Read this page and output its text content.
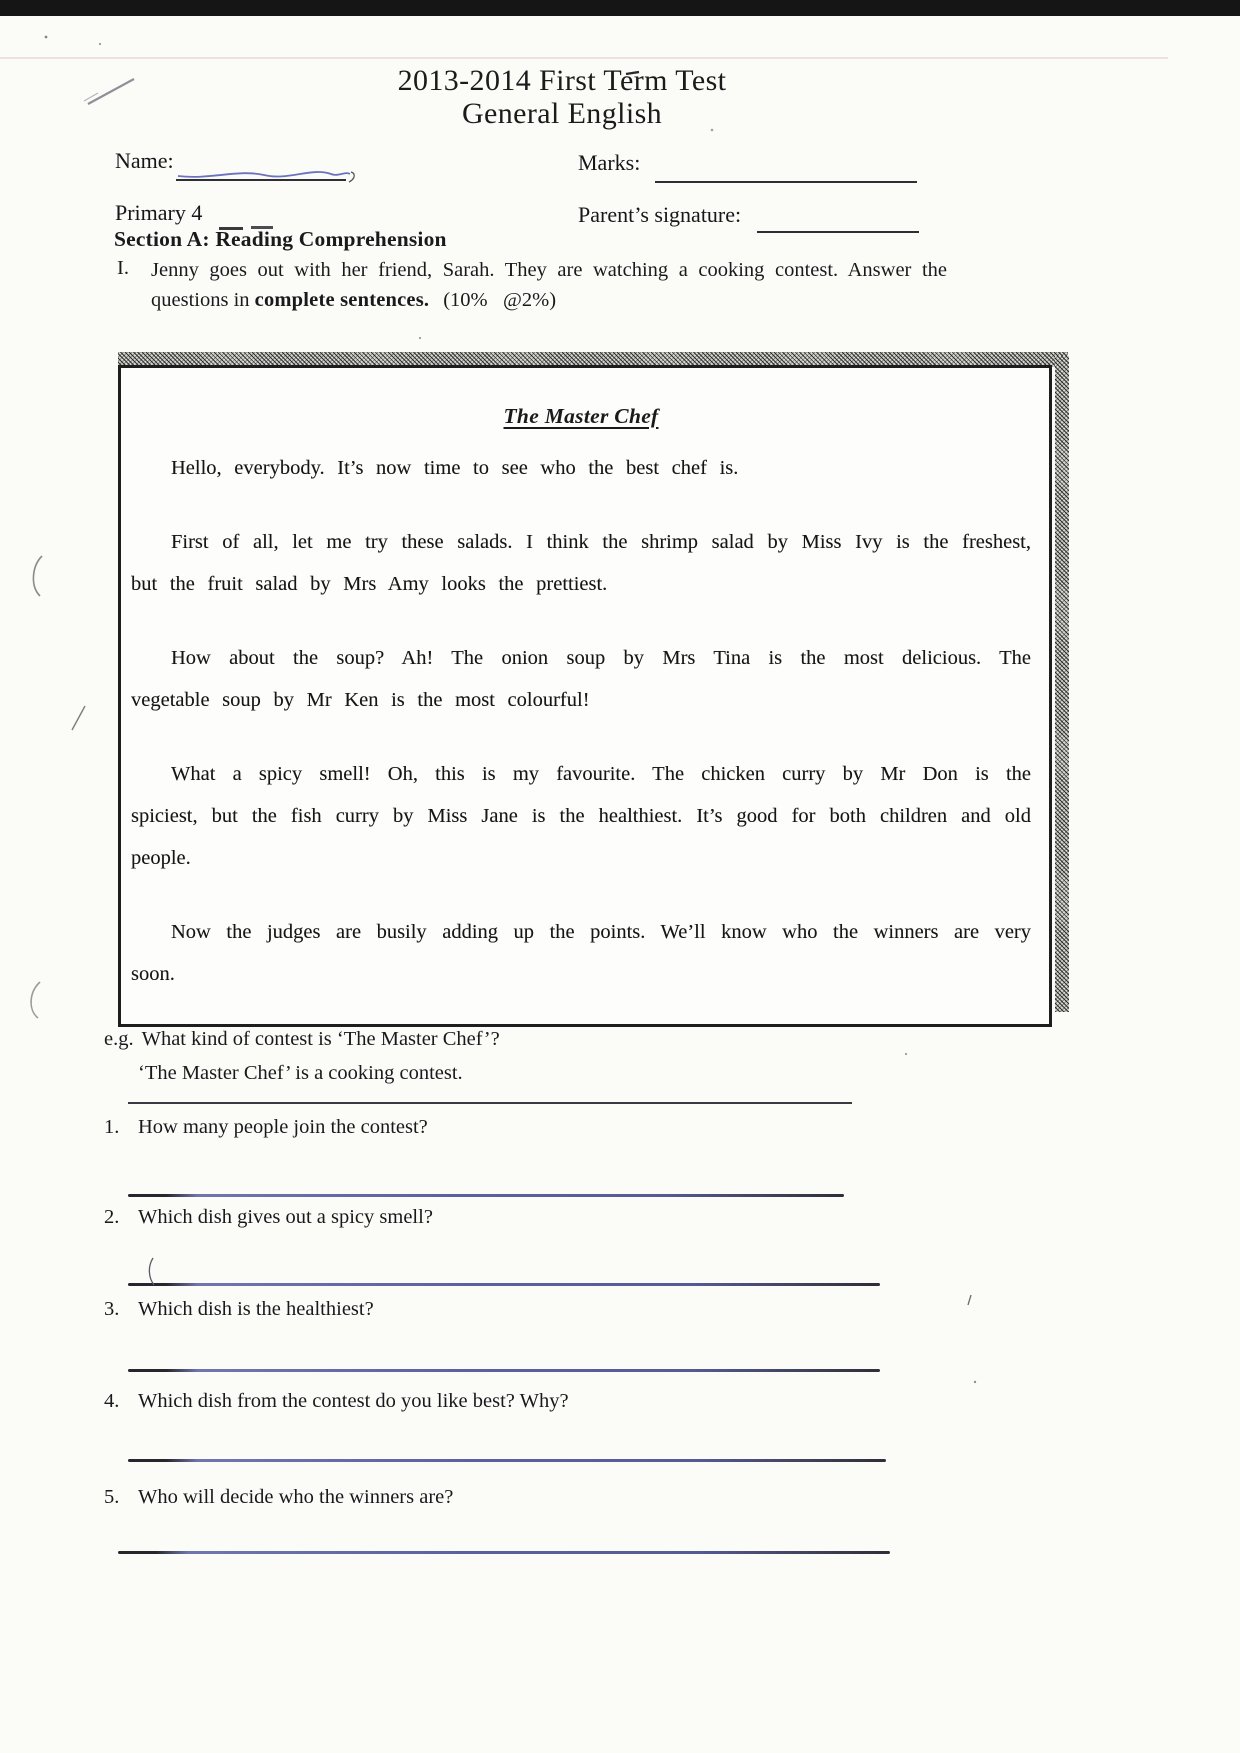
2013-2014 First Term Test
General English
Name:	Marks:
Primary 4	Parent’s signature:
Section A: Reading Comprehension
I. Jenny goes out with her friend, Sarah. They are watching a cooking contest. Answer the questions in complete sentences. (10%   @2%)
The Master Chef

Hello, everybody. It’s now time to see who the best chef is.

First of all, let me try these salads. I think the shrimp salad by Miss Ivy is the freshest, but the fruit salad by Mrs Amy looks the prettiest.

How about the soup? Ah! The onion soup by Mrs Tina is the most delicious. The vegetable soup by Mr Ken is the most colourful!

What a spicy smell! Oh, this is my favourite. The chicken curry by Mr Don is the spiciest, but the fish curry by Miss Jane is the healthiest. It’s good for both children and old people.

Now the judges are busily adding up the points. We’ll know who the winners are very soon.

e.g. What kind of contest is ‘The Master Chef’?
‘The Master Chef’ is a cooking contest.
1. How many people join the contest?
2. Which dish gives out a spicy smell?
3. Which dish is the healthiest?
4. Which dish from the contest do you like best? Why?
5. Who will decide who the winners are?
